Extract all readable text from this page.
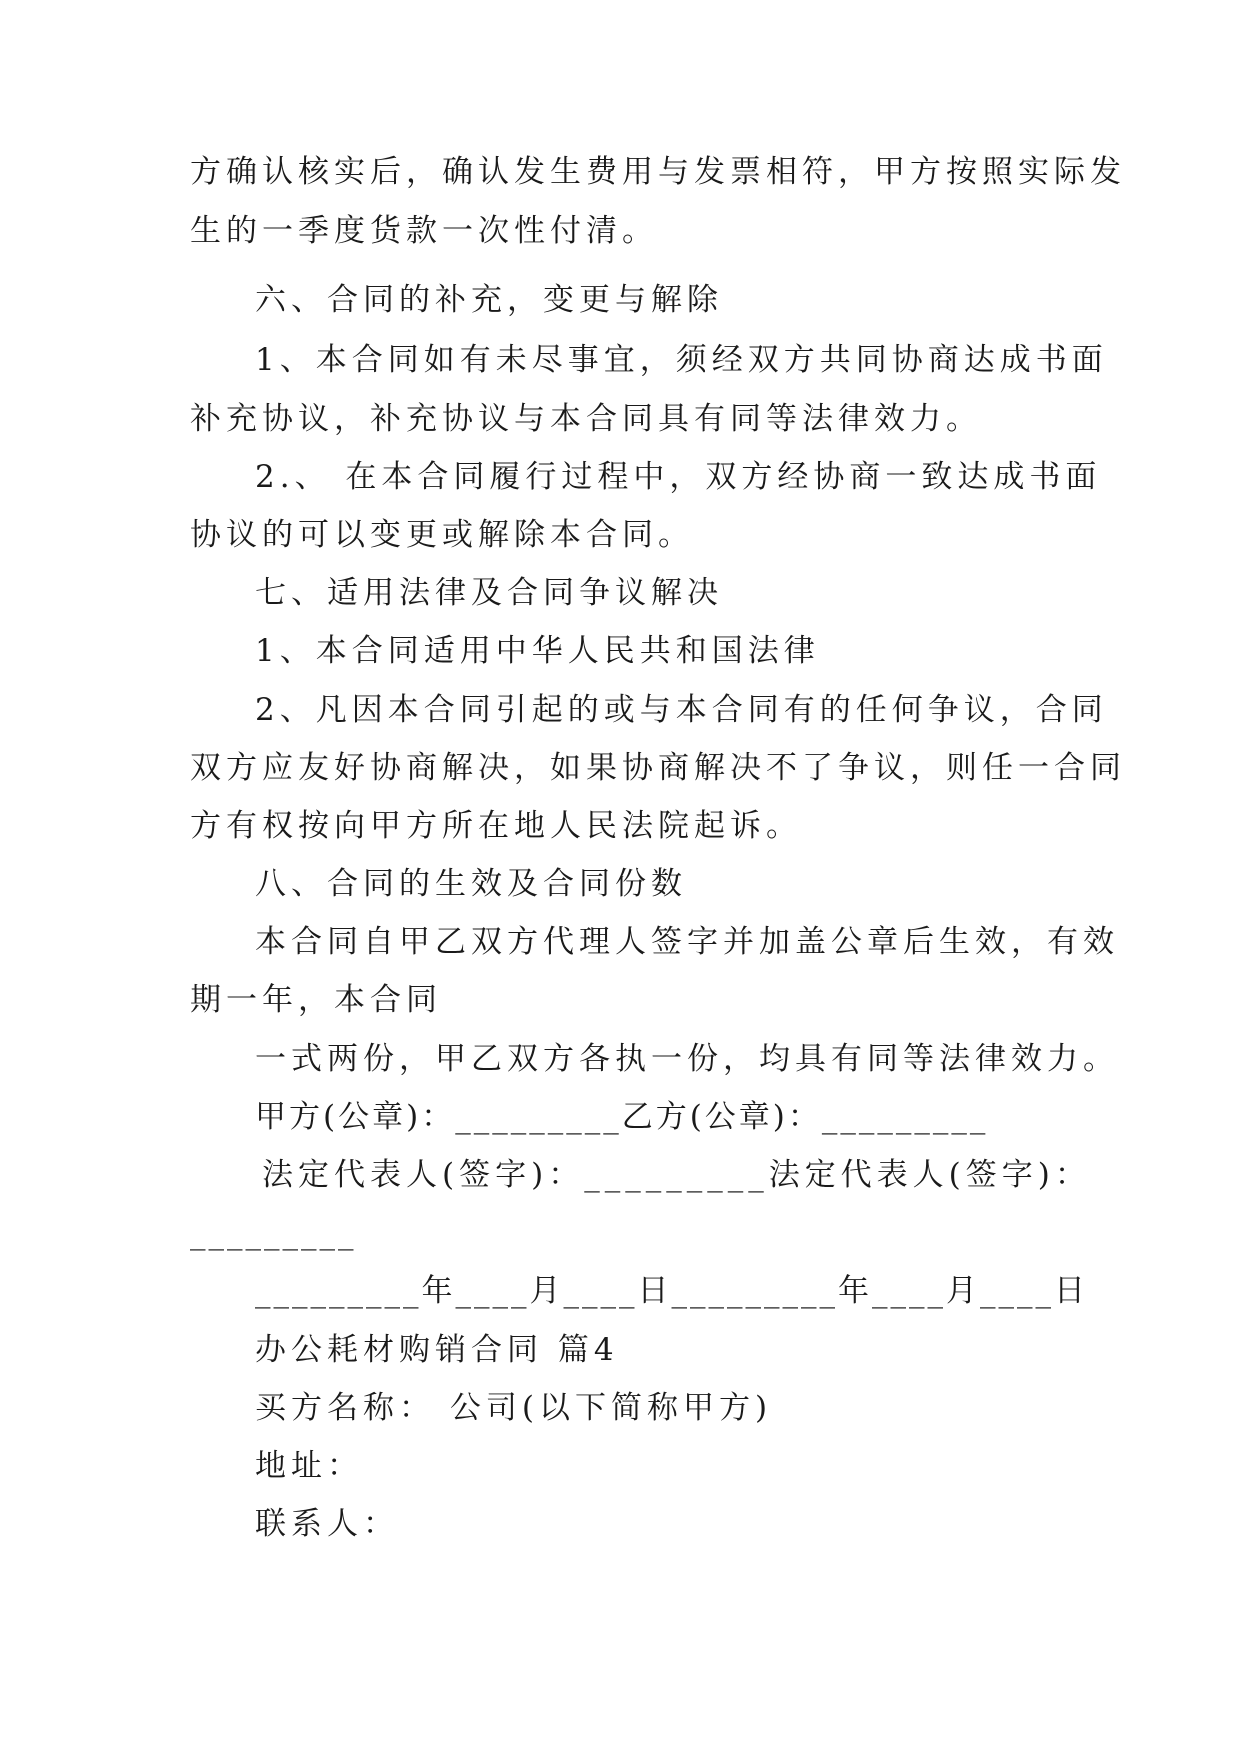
方确认核实后，确认发生费用与发票相符，甲方按照实际发
生的一季度货款一次性付清。
六、合同的补充，变更与解除
1、本合同如有未尽事宜，须经双方共同协商达成书面
补充协议，补充协议与本合同具有同等法律效力。
2.、 在本合同履行过程中，双方经协商一致达成书面
协议的可以变更或解除本合同。
七、适用法律及合同争议解决
1、本合同适用中华人民共和国法律
2、凡因本合同引起的或与本合同有的任何争议，合同
双方应友好协商解决，如果协商解决不了争议，则任一合同
方有权按向甲方所在地人民法院起诉。
八、合同的生效及合同份数
本合同自甲乙双方代理人签字并加盖公章后生效，有效
期一年，本合同
一式两份，甲乙双方各执一份，均具有同等法律效力。
甲方(公章)：_________乙方(公章)：_________
法定代表人(签字)：_________法定代表人(签字)：
_________
_________年____月____日_________年____月____日
办公耗材购销合同 篇4
买方名称： 公司(以下简称甲方)
地址：
联系人：
